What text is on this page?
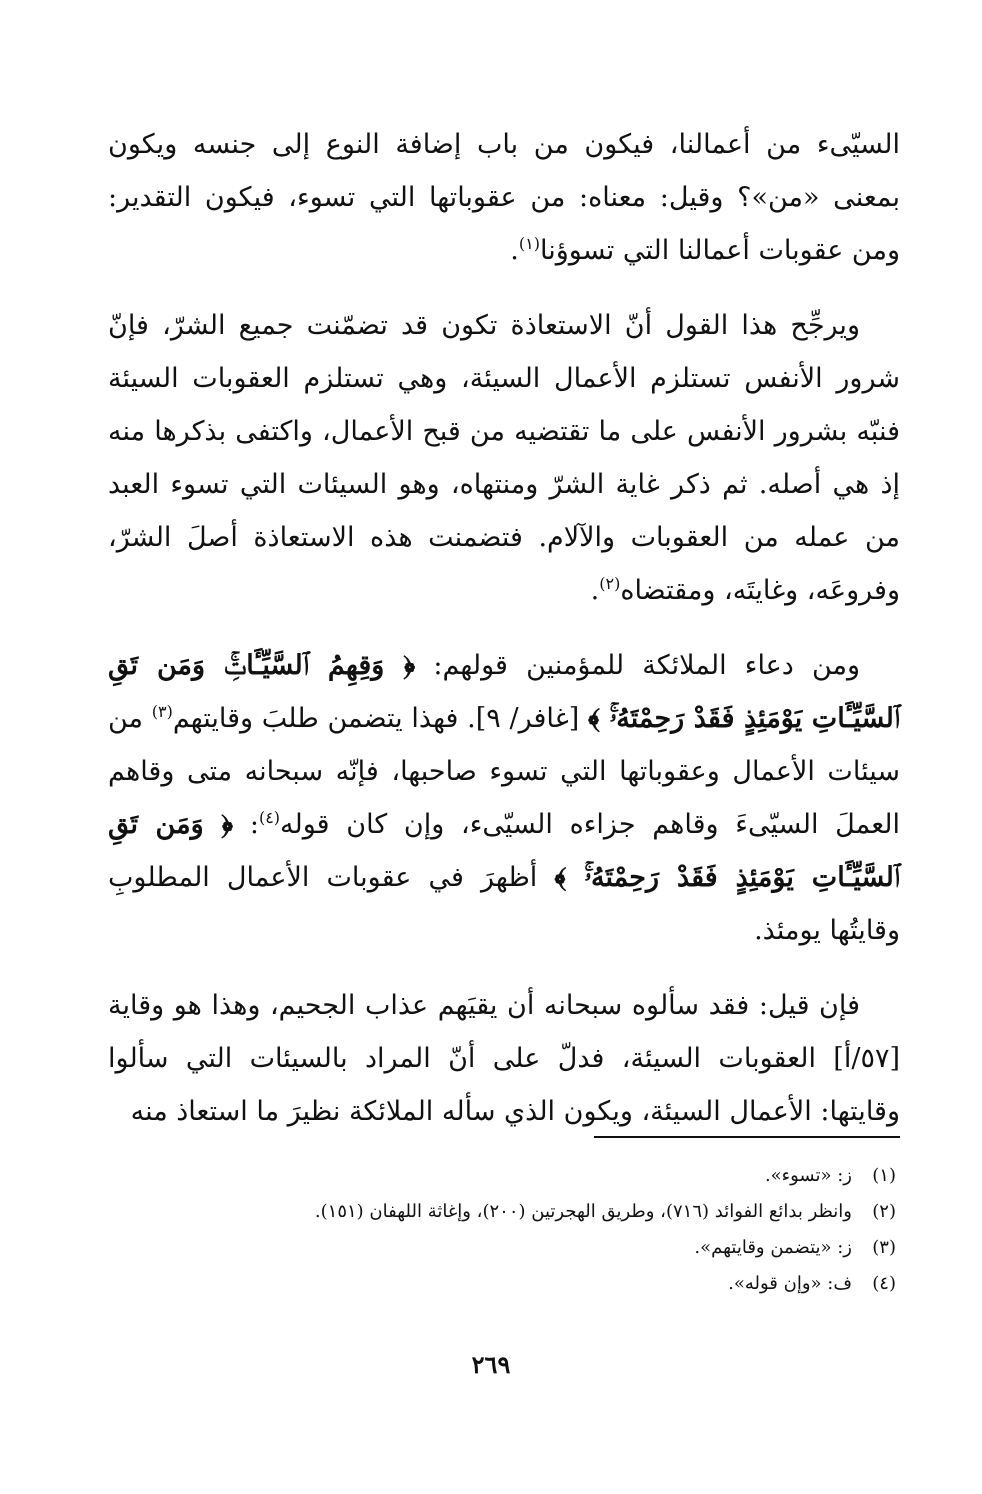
السيّىء من أعمالنا، فيكون من باب إضافة النوع إلى جنسه ويكون بمعنى «من»؟ وقيل: معناه: من عقوباتها التي تسوء، فيكون التقدير: ومن عقوبات أعمالنا التي تسوؤنا$^{(١)}$.

ويرجِّح هذا القول أنّ الاستعاذة تكون قد تضمّنت جميع الشرّ، فإنّ شرور الأنفس تستلزم الأعمال السيئة، وهي تستلزم العقوبات السيئة فنبّه بشرور الأنفس على ما تقتضيه من قبح الأعمال، واكتفى بذكرها منه إذ هي أصله. ثم ذكر غاية الشرّ ومنتهاه، وهو السيئات التي تسوء العبد من عمله من العقوبات والآلام. فتضمنت هذه الاستعاذة أصلَ الشرّ، وفروعَه، وغايتَه، ومقتضاه$^{(٢)}$.

ومن دعاء الملائكة للمؤمنين قولهم: ﴿ وَقِهِمُ ٱلسَّيِّـَٔاتِۚ وَمَن تَقِ ٱلسَّيِّـَٔاتِ يَوْمَئِذٍ فَقَدْ رَحِمْتَهُۥۚ ﴾ [غافر/ ٩]. فهذا يتضمن طلبَ وقايتهم$^{(٣)}$ من سيئات الأعمال وعقوباتها التي تسوء صاحبها، فإنّه سبحانه متى وقاهم العملَ السيّىءَ وقاهم جزاءه السيّىء، وإن كان قوله$^{(٤)}$: ﴿ وَمَن تَقِ ٱلسَّيِّـَٔاتِ يَوْمَئِذٍ فَقَدْ رَحِمْتَهُۥۚ ﴾ أظهرَ في عقوبات الأعمال المطلوبِ وقايتُها يومئذ.

فإن قيل: فقد سألوه سبحانه أن يقيَهم عذاب الجحيم، وهذا هو وقاية [٥٧/أ] العقوبات السيئة، فدلّ على أنّ المراد بالسيئات التي سألوا وقايتها: الأعمال السيئة، ويكون الذي سأله الملائكة نظيرَ ما استعاذ منه

(١)ز: «تسوء».
(٢)وانظر بدائع الفوائد (٧١٦)، وطريق الهجرتين (٢٠٠)، وإغاثة اللهفان (١٥١).
(٣)ز: «يتضمن وقايتهم».
(٤)ف: «وإن قوله».
٢٦٩
